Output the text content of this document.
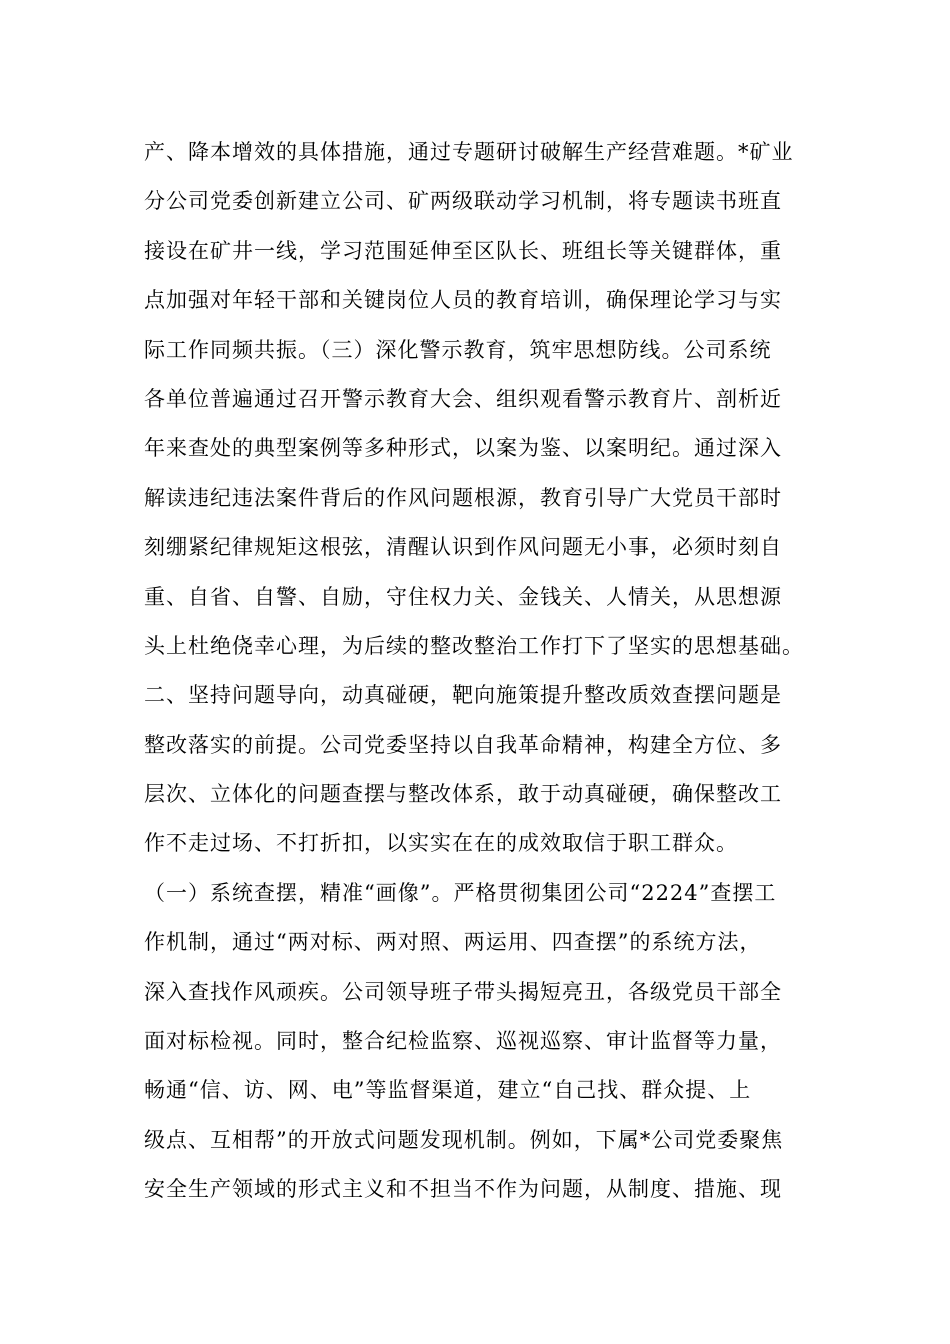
产、降本增效的具体措施，通过专题研讨破解生产经营难题。*矿业
分公司党委创新建立公司、矿两级联动学习机制，将专题读书班直
接设在矿井一线，学习范围延伸至区队长、班组长等关键群体，重
点加强对年轻干部和关键岗位人员的教育培训，确保理论学习与实
际工作同频共振。（三）深化警示教育，筑牢思想防线。公司系统
各单位普遍通过召开警示教育大会、组织观看警示教育片、剖析近
年来查处的典型案例等多种形式，以案为鉴、以案明纪。通过深入
解读违纪违法案件背后的作风问题根源，教育引导广大党员干部时
刻绷紧纪律规矩这根弦，清醒认识到作风问题无小事，必须时刻自
重、自省、自警、自励，守住权力关、金钱关、人情关，从思想源
头上杜绝侥幸心理，为后续的整改整治工作打下了坚实的思想基础。
二、坚持问题导向，动真碰硬，靶向施策提升整改质效查摆问题是
整改落实的前提。公司党委坚持以自我革命精神，构建全方位、多
层次、立体化的问题查摆与整改体系，敢于动真碰硬，确保整改工
作不走过场、不打折扣，以实实在在的成效取信于职工群众。
（一）系统查摆，精准“画像”。严格贯彻集团公司“2224”查摆工
作机制，通过“两对标、两对照、两运用、四查摆”的系统方法，
深入查找作风顽疾。公司领导班子带头揭短亮丑，各级党员干部全
面对标检视。同时，整合纪检监察、巡视巡察、审计监督等力量，
畅通“信、访、网、电”等监督渠道，建立“自己找、群众提、上
级点、互相帮”的开放式问题发现机制。例如，下属*公司党委聚焦
安全生产领域的形式主义和不担当不作为问题，从制度、措施、现
